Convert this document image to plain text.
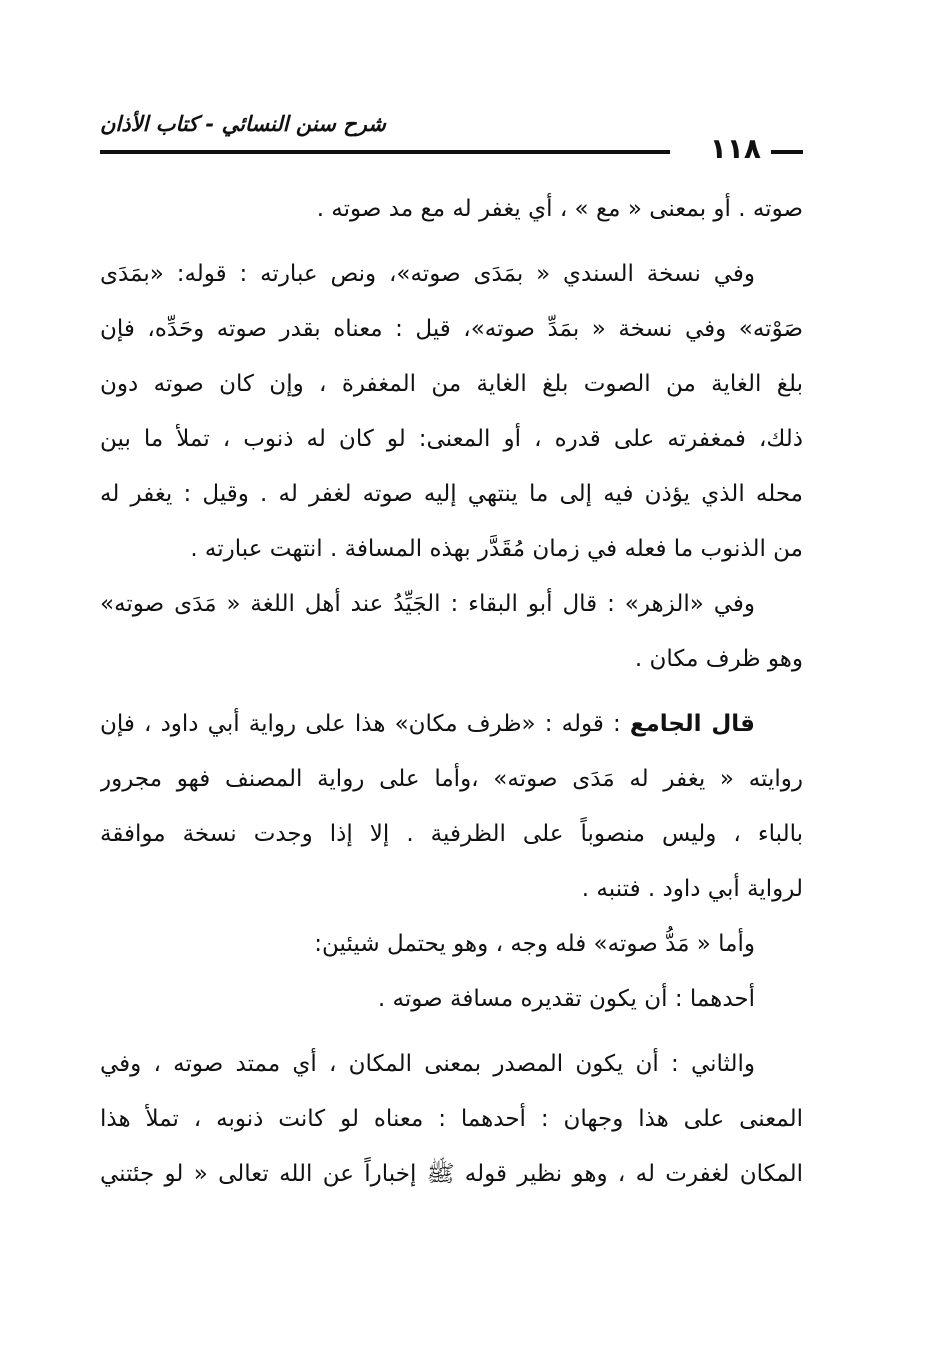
شرح سنن النسائي - كتاب الأذان
١١٨
صوته . أو بمعنى « مع » ، أي يغفر له مع مد صوته .
وفي نسخة السندي « بمَدَى صوته»، ونص عبارته : قوله: «بمَدَى
صَوْته» وفي نسخة « بمَدِّ صوته»، قيل : معناه بقدر صوته وحَدِّه، فإن
بلغ الغاية من الصوت بلغ الغاية من المغفرة ، وإن كان صوته دون
ذلك، فمغفرته على قدره ، أو المعنى: لو كان له ذنوب ، تملأ ما بين
محله الذي يؤذن فيه إلى ما ينتهي إليه صوته لغفر له . وقيل : يغفر له
من الذنوب ما فعله في زمان مُقَدَّر بهذه المسافة . انتهت عبارته .
وفي «الزهر» : قال أبو البقاء : الجَيِّدُ عند أهل اللغة « مَدَى صوته»
وهو ظرف مكان .
قال الجامع : قوله : «ظرف مكان» هذا على رواية أبي داود ، فإن
روايته « يغفر له مَدَى صوته» ،وأما على رواية المصنف فهو مجرور
بالباء ، وليس منصوباً على الظرفية . إلا إذا وجدت نسخة موافقة
لرواية أبي داود . فتنبه .
وأما « مَدُّ صوته» فله وجه ، وهو يحتمل شيئين:
أحدهما : أن يكون تقديره مسافة صوته .
والثاني : أن يكون المصدر بمعنى المكان ، أي ممتد صوته ، وفي
المعنى على هذا وجهان : أحدهما : معناه لو كانت ذنوبه ، تملأ هذا
المكان لغفرت له ، وهو نظير قوله ﷺ إخباراً عن الله تعالى « لو جئتني
